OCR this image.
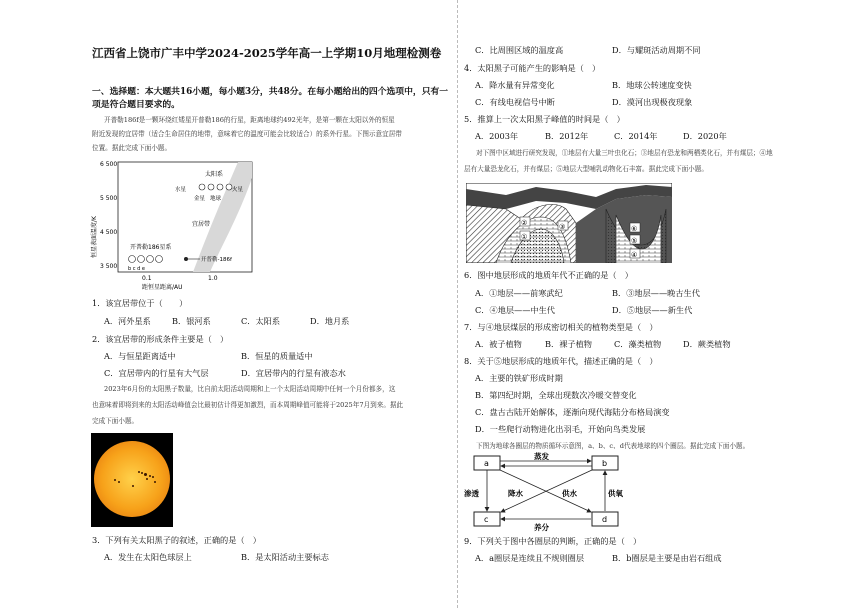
江西省上饶市广丰中学2024-2025学年高一上学期10月地理检测卷
一、选择题：本大题共16小题，每小题3分，共48分。在每小题给出的四个选项中，只有一
项是符合题目要求的。
开普勒186f是一颗环绕红矮星开普勒186的行星，距离地球约492光年，是第一颗在太阳以外的恒星
附近发现的宜居带（适合生命居住的地带，意味着它的温度可能会比较适合）的系外行星。下图示意宜居带
位置。据此完成下面小题。
恒星表面温度/K
6 500
5 500
4 500
3 500
宜居带
太阳系
水星	火星
金星 地球
开普勒186星系
b c d e
开普勒-186f
0.1	1.0
距恒星距离/AU
1．该宜居带位于（　　）
A．河外星系	B．银河系	C．太阳系	D．地月系
2．该宜居带的形成条件主要是（　）
A．与恒星距离适中	B．恒星的质量适中
C．宜居带内的行星有大气层	D．宜居带内的行星有液态水
2023年6月份的太阳黑子数量，比自前太阳活动周期和上一个太阳活动周期中任何一个月份都多，这
也意味着即将到来的太阳活动峰值会比最初估计得更加激烈，而本周期峰值可能将于2025年7月到来。据此
完成下面小题。
3．下列有关太阳黑子的叙述，正确的是（　）
A．发生在太阳色球层上	B．是太阳活动主要标志
C．比周围区域的温度高	D．与耀斑活动周期不同
4．太阳黑子可能产生的影响是（　）
A．降水量有异常变化	B．地球公转速度变快
C．有线电视信号中断	D．漠河出现极夜现象
5．推算上一次太阳黑子峰值的时间是（　）
A．2003年	B．2012年	C．2014年	D．2020年
对下图中区域进行研究发现，①地层有大量三叶虫化石；③地层有恐龙和两栖类化石，并有煤层；④地
层有大量恐龙化石，并有煤层；⑤地层大型哺乳动物化石丰富。据此完成下面小题。
②	③
①
⑥
⑤
④
6．图中地层形成的地质年代不正确的是（　）
A．①地层——前寒武纪	B．③地层——晚古生代
C．④地层——中生代	D．⑤地层——新生代
7．与④地层煤层的形成密切相关的植物类型是（　）
A．被子植物	B．裸子植物	C．藻类植物	D．蕨类植物
8．关于⑤地层形成的地质年代，描述正确的是（　）
A．主要的铁矿形成时期
B．第四纪时期，全球出现数次冷暖交替变化
C．盘古古陆开始解体，逐渐向现代海陆分布格局演变
D．一些爬行动物进化出羽毛，开始向鸟类发展
下图为地球各圈层的物质循环示意图，a、b、c、d代表地球的四个圈层。据此完成下面小题。
a	b
c	d
蒸发
渗透	供氧
降水	供水
养分
9．下列关于图中各圈层的判断，正确的是（　）
A．a圈层是连续且不规则圈层	B．b圈层是主要是由岩石组成
